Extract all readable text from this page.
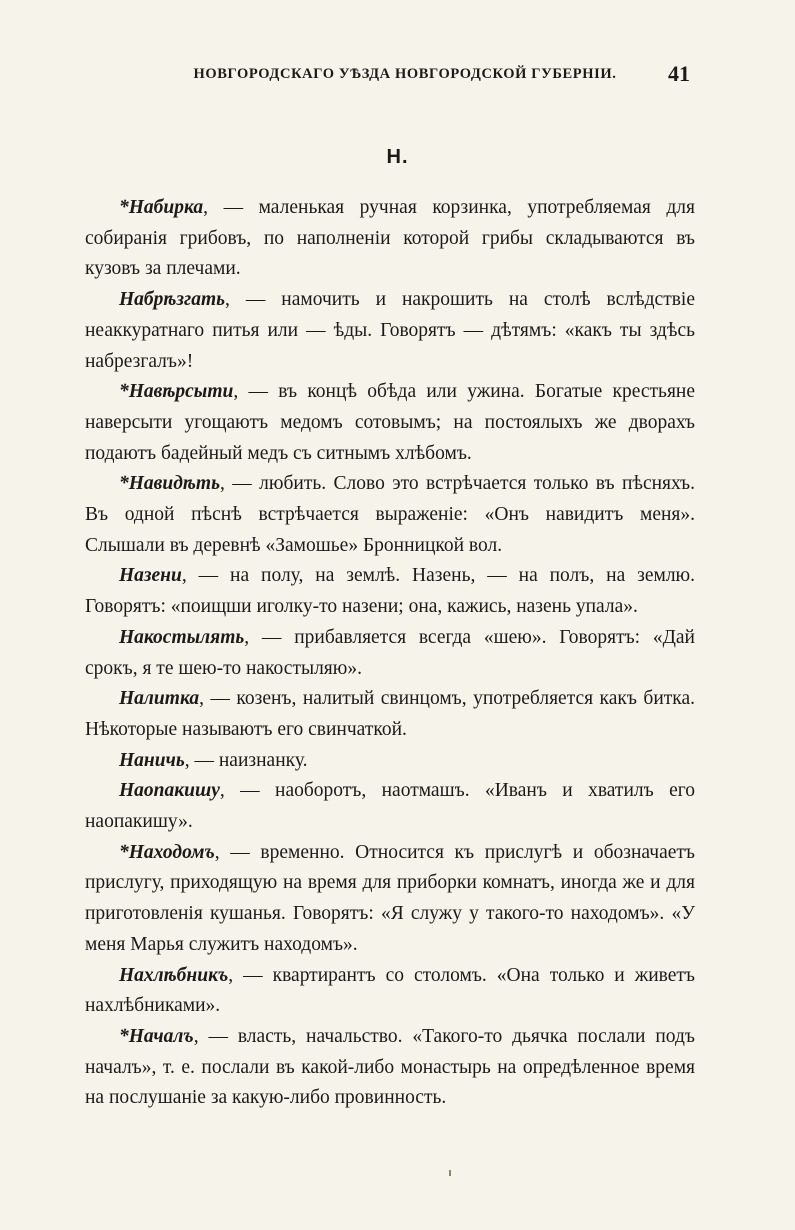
НОВГОРОДСКАГО УѢЗДА НОВГОРОДСКОЙ ГУБЕРНІИ.	41
Н.

*Набирка, — маленькая ручная корзинка, употребляемая для собиранія грибовъ, по наполненіи которой грибы складываются въ кузовъ за плечами.

Набрѣзгать, — намочить и накрошить на столѣ вслѣдствіе неаккуратнаго питья или — ѣды. Говорятъ — дѣтямъ: «какъ ты здѣсь набрезгалъ»!

*Навѣрсыти, — въ концѣ обѣда или ужина. Богатые крестьяне наверсыти угощаютъ медомъ сотовымъ; на постоялыхъ же дворахъ подаютъ бадейный медъ съ ситнымъ хлѣбомъ.

*Навидѣть, — любить. Слово это встрѣчается только въ пѣсняхъ. Въ одной пѣснѣ встрѣчается выраженіе: «Онъ навидитъ меня». Слышали въ деревнѣ «Замошье» Бронницкой вол.

Назени, — на полу, на землѣ. Назень, — на полъ, на землю. Говорятъ: «поищши иголку-то назени; она, кажись, назень упала».

Накостылять, — прибавляется всегда «шею». Говорятъ: «Дай срокъ, я те шею-то накостыляю».

Налитка, — козенъ, налитый свинцомъ, употребляется какъ битка. Нѣкоторые называютъ его свинчаткой.

Наничь, — наизнанку.

Наопакишу, — наоборотъ, наотмашъ. «Иванъ и хватилъ его наопакишу».

*Находомъ, — временно. Относится къ прислугѣ и обозначаетъ прислугу, приходящую на время для приборки комнатъ, иногда же и для приготовленія кушанья. Говорятъ: «Я служу у такого-то находомъ». «У меня Марья служитъ находомъ».

Нахлѣбникъ, — квартирантъ со столомъ. «Она только и живетъ нахлѣбниками».

*Началъ, — власть, начальство. «Такого-то дьячка послали подъ началъ», т. е. послали въ какой-либо монастырь на опредѣленное время на послушаніе за какую-либо провинность.
